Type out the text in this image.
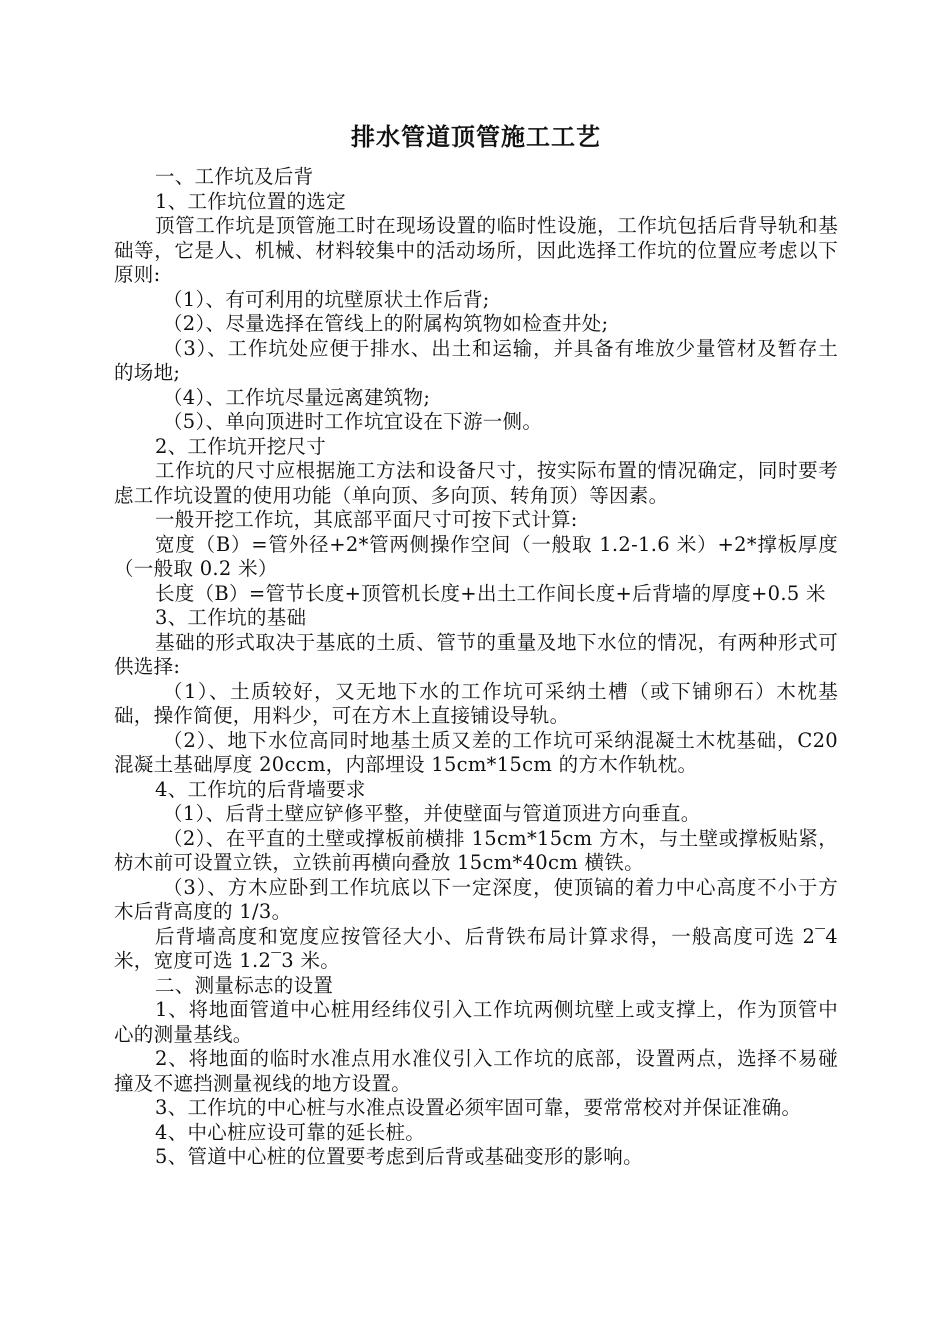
排水管道顶管施工工艺

一、工作坑及后背

1、工作坑位置的选定

顶管工作坑是顶管施工时在现场设置的临时性设施，工作坑包括后背导轨和基础等，它是人、机械、材料较集中的活动场所，因此选择工作坑的位置应考虑以下原则:

（1）、有可利用的坑壁原状土作后背;

（2）、尽量选择在管线上的附属构筑物如检查井处;

（3）、工作坑处应便于排水、出土和运输，并具备有堆放少量管材及暂存土的场地;

（4）、工作坑尽量远离建筑物;

（5）、单向顶进时工作坑宜设在下游一侧。

2、工作坑开挖尺寸

工作坑的尺寸应根据施工方法和设备尺寸，按实际布置的情况确定，同时要考虑工作坑设置的使用功能（单向顶、多向顶、转角顶）等因素。

一般开挖工作坑，其底部平面尺寸可按下式计算:

宽度（B）=管外径+2*管两侧操作空间（一般取 1.2-1.6 米）+2*撑板厚度（一般取 0.2 米）

长度（B）=管节长度+顶管机长度+出土工作间长度+后背墙的厚度+0.5 米

3、工作坑的基础

基础的形式取决于基底的土质、管节的重量及地下水位的情况，有两种形式可供选择:

（1）、土质较好，又无地下水的工作坑可采纳土槽（或下铺卵石）木枕基础，操作简便，用料少，可在方木上直接铺设导轨。

（2）、地下水位高同时地基土质又差的工作坑可采纳混凝土木枕基础，C20 混凝土基础厚度 20ccm，内部埋设 15cm*15cm 的方木作轨枕。

4、工作坑的后背墙要求

（1）、后背土壁应铲修平整，并使壁面与管道顶进方向垂直。

（2）、在平直的土壁或撑板前横排 15cm*15cm 方木，与土壁或撑板贴紧，枋木前可设置立铁，立铁前再横向叠放 15cm*40cm 横铁。

（3）、方木应卧到工作坑底以下一定深度，使顶镐的着力中心高度不小于方木后背高度的 1/3。

后背墙高度和宽度应按管径大小、后背铁布局计算求得，一般高度可选 2‾4 米，宽度可选 1.2‾3 米。

二、测量标志的设置

1、将地面管道中心桩用经纬仪引入工作坑两侧坑壁上或支撑上，作为顶管中心的测量基线。

2、将地面的临时水准点用水准仪引入工作坑的底部，设置两点，选择不易碰撞及不遮挡测量视线的地方设置。

3、工作坑的中心桩与水准点设置必须牢固可靠，要常常校对并保证准确。

4、中心桩应设可靠的延长桩。

5、管道中心桩的位置要考虑到后背或基础变形的影响。
